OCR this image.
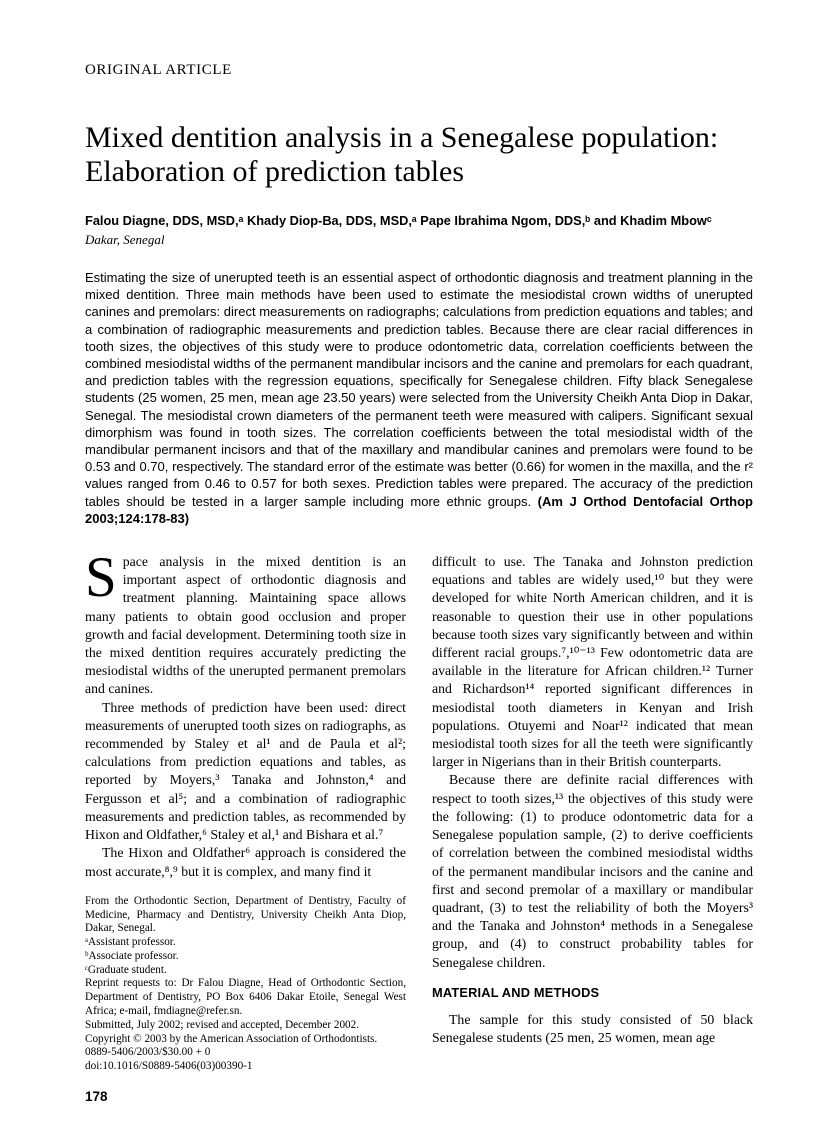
ORIGINAL ARTICLE
Mixed dentition analysis in a Senegalese population: Elaboration of prediction tables
Falou Diagne, DDS, MSD,ᵃ Khady Diop-Ba, DDS, MSD,ᵃ Pape Ibrahima Ngom, DDS,ᵇ and Khadim Mbowᶜ
Dakar, Senegal

Estimating the size of unerupted teeth is an essential aspect of orthodontic diagnosis and treatment planning in the mixed dentition. Three main methods have been used to estimate the mesiodistal crown widths of unerupted canines and premolars: direct measurements on radiographs; calculations from prediction equations and tables; and a combination of radiographic measurements and prediction tables. Because there are clear racial differences in tooth sizes, the objectives of this study were to produce odontometric data, correlation coefficients between the combined mesiodistal widths of the permanent mandibular incisors and the canine and premolars for each quadrant, and prediction tables with the regression equations, specifically for Senegalese children. Fifty black Senegalese students (25 women, 25 men, mean age 23.50 years) were selected from the University Cheikh Anta Diop in Dakar, Senegal. The mesiodistal crown diameters of the permanent teeth were measured with calipers. Significant sexual dimorphism was found in tooth sizes. The correlation coefficients between the total mesiodistal width of the mandibular permanent incisors and that of the maxillary and mandibular canines and premolars were found to be 0.53 and 0.70, respectively. The standard error of the estimate was better (0.66) for women in the maxilla, and the r² values ranged from 0.46 to 0.57 for both sexes. Prediction tables were prepared. The accuracy of the prediction tables should be tested in a larger sample including more ethnic groups. (Am J Orthod Dentofacial Orthop 2003;124:178-83)

Space analysis in the mixed dentition is an important aspect of orthodontic diagnosis and treatment planning. Maintaining space allows many patients to obtain good occlusion and proper growth and facial development. Determining tooth size in the mixed dentition requires accurately predicting the mesiodistal widths of the unerupted permanent premolars and canines.

Three methods of prediction have been used: direct measurements of unerupted tooth sizes on radiographs, as recommended by Staley et al¹ and de Paula et al²; calculations from prediction equations and tables, as reported by Moyers,³ Tanaka and Johnston,⁴ and Fergusson et al⁵; and a combination of radiographic measurements and prediction tables, as recommended by Hixon and Oldfather,⁶ Staley et al,¹ and Bishara et al.⁷

The Hixon and Oldfather⁶ approach is considered the most accurate,⁸,⁹ but it is complex, and many find it

From the Orthodontic Section, Department of Dentistry, Faculty of Medicine, Pharmacy and Dentistry, University Cheikh Anta Diop, Dakar, Senegal.
ᵃAssistant professor.
ᵇAssociate professor.
ᶜGraduate student.
Reprint requests to: Dr Falou Diagne, Head of Orthodontic Section, Department of Dentistry, PO Box 6406 Dakar Etoile, Senegal West Africa; e-mail, fmdiagne@refer.sn.
Submitted, July 2002; revised and accepted, December 2002.
Copyright © 2003 by the American Association of Orthodontists.
0889-5406/2003/$30.00 + 0
doi:10.1016/S0889-5406(03)00390-1
178

difficult to use. The Tanaka and Johnston prediction equations and tables are widely used,¹⁰ but they were developed for white North American children, and it is reasonable to question their use in other populations because tooth sizes vary significantly between and within different racial groups.⁷,¹⁰⁻¹³ Few odontometric data are available in the literature for African children.¹² Turner and Richardson¹⁴ reported significant differences in mesiodistal tooth diameters in Kenyan and Irish populations. Otuyemi and Noar¹² indicated that mean mesiodistal tooth sizes for all the teeth were significantly larger in Nigerians than in their British counterparts.

Because there are definite racial differences with respect to tooth sizes,¹³ the objectives of this study were the following: (1) to produce odontometric data for a Senegalese population sample, (2) to derive coefficients of correlation between the combined mesiodistal widths of the permanent mandibular incisors and the canine and first and second premolar of a maxillary or mandibular quadrant, (3) to test the reliability of both the Moyers³ and the Tanaka and Johnston⁴ methods in a Senegalese group, and (4) to construct probability tables for Senegalese children.

MATERIAL AND METHODS

The sample for this study consisted of 50 black Senegalese students (25 men, 25 women, mean age
